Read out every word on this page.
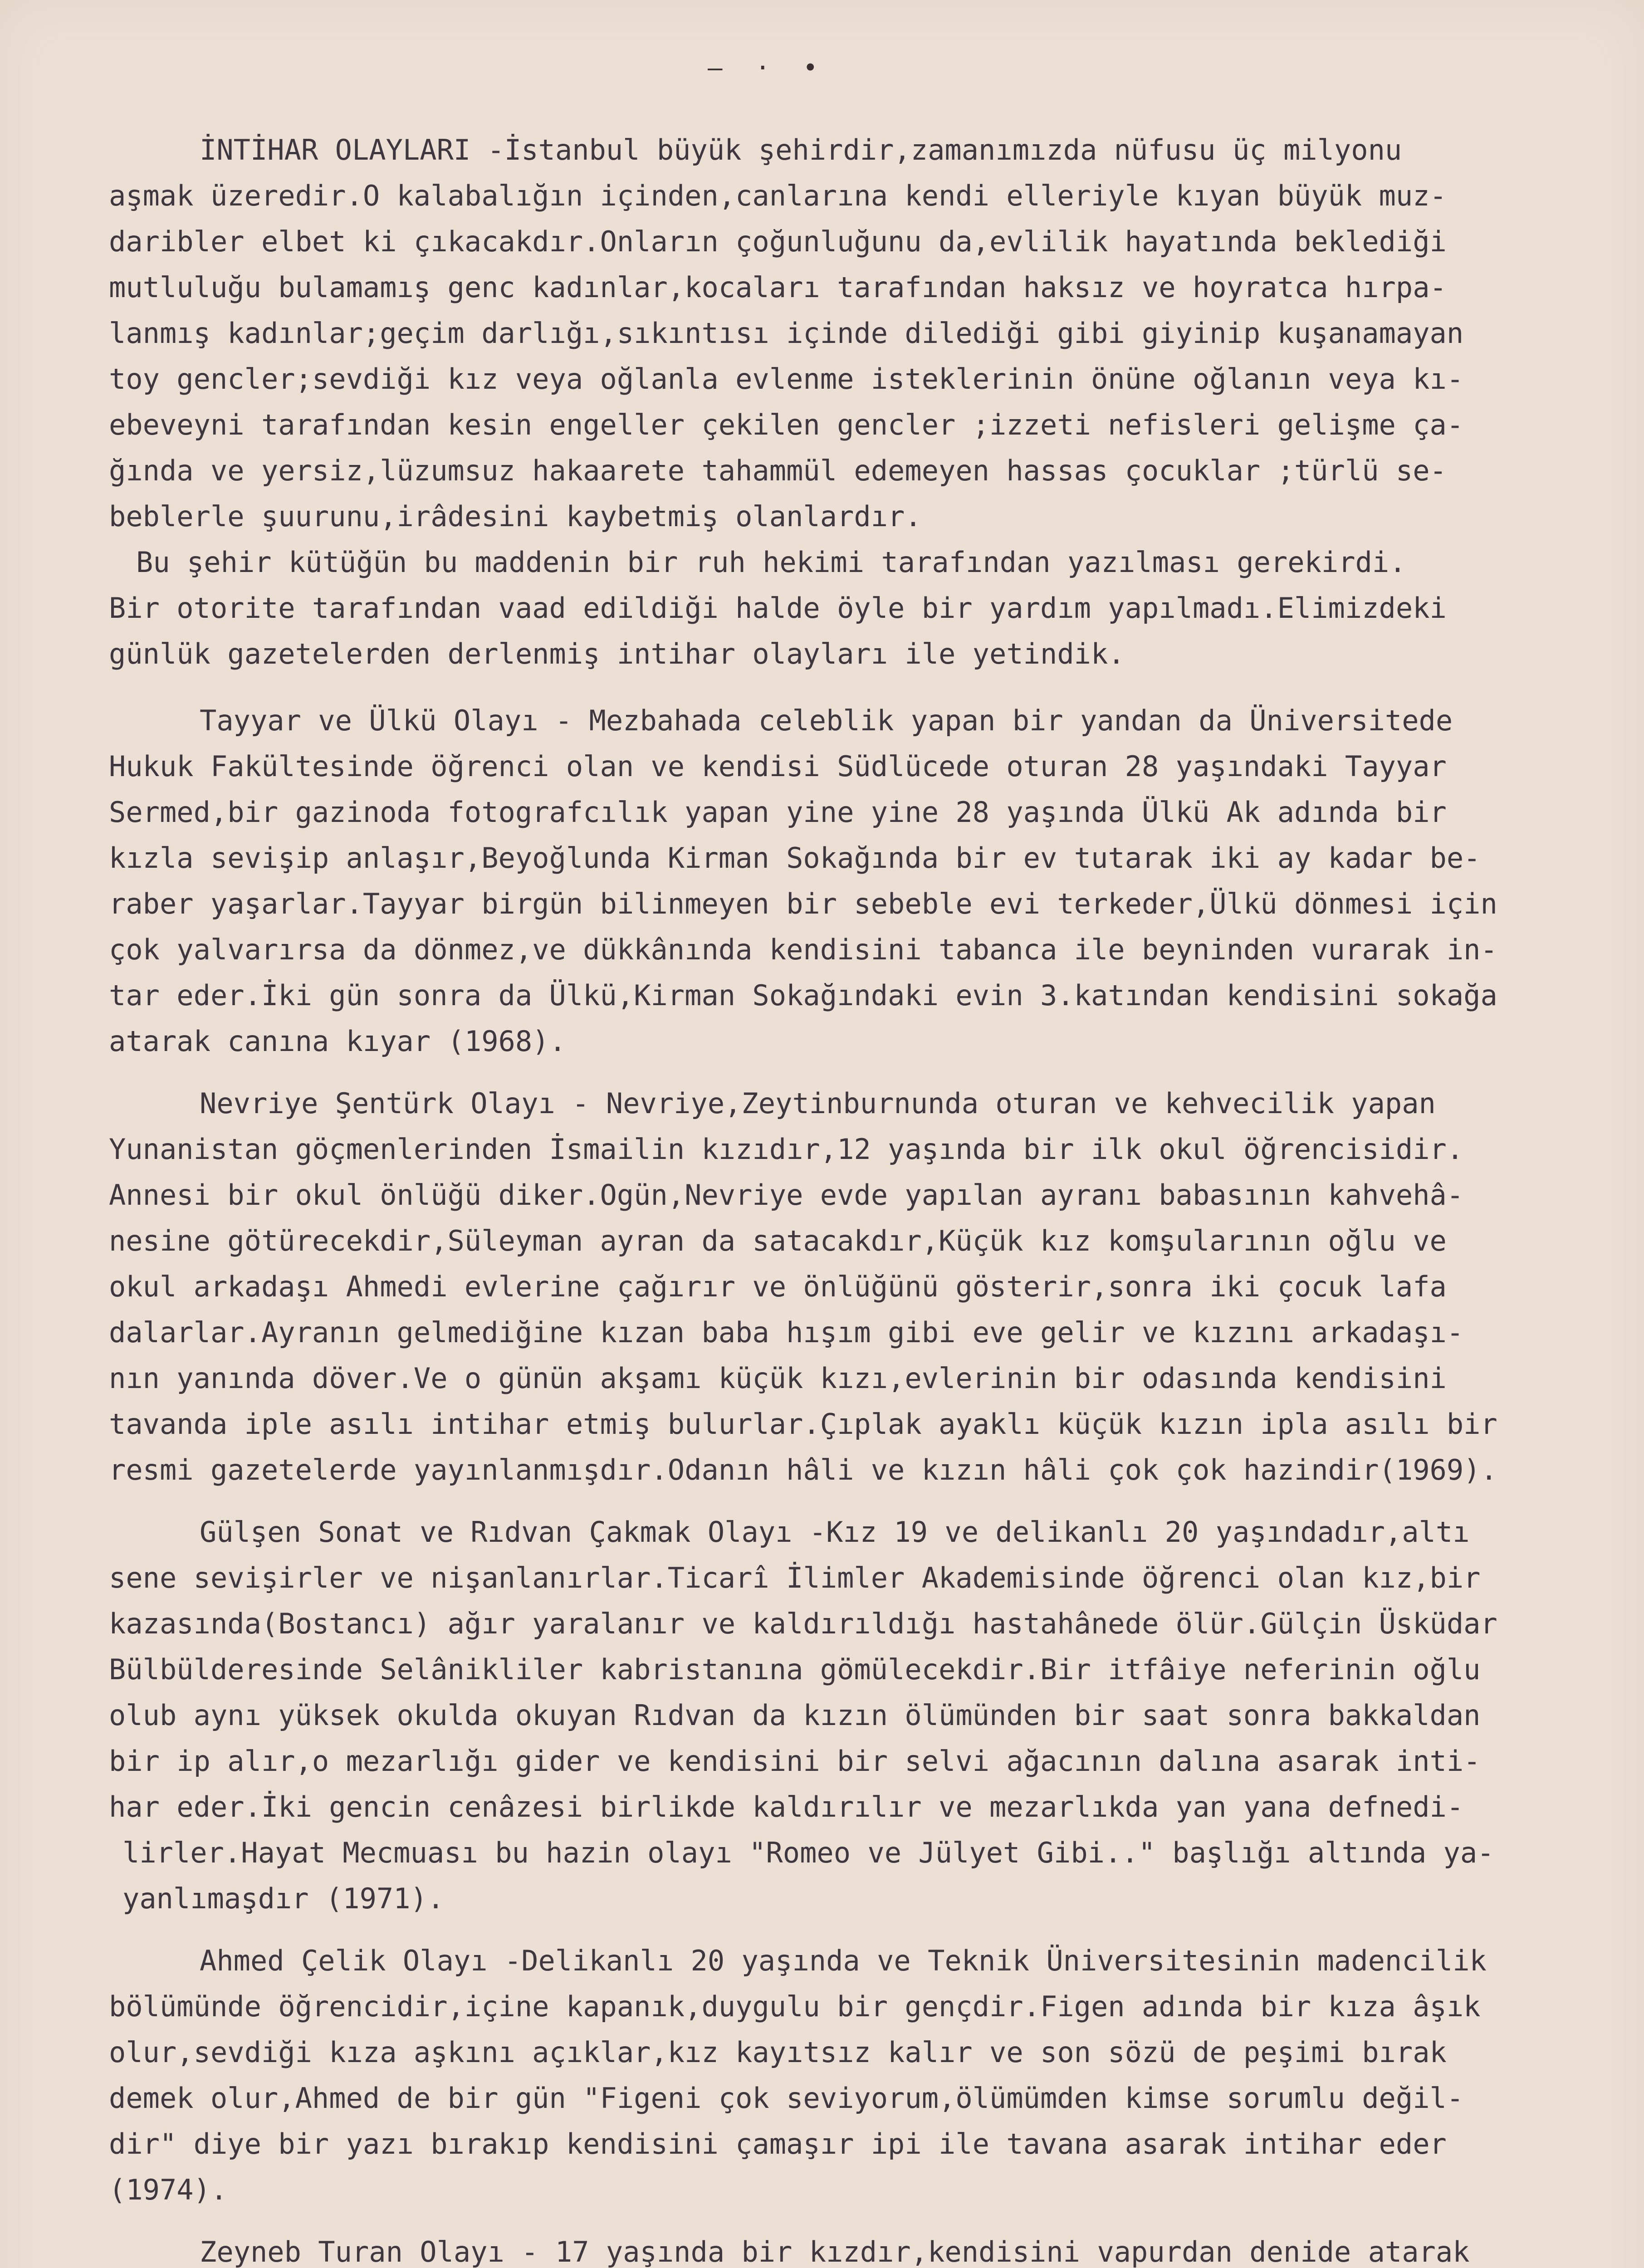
— · •
İNTİHAR OLAYLARI -İstanbul büyük şehirdir,zamanımızda nüfusu üç milyonu
aşmak üzeredir.O kalabalığın içinden,canlarına kendi elleriyle kıyan büyük muz-
daribler elbet ki çıkacakdır.Onların çoğunluğunu da,evlilik hayatında beklediği
mutluluğu bulamamış genc kadınlar,kocaları tarafından haksız ve hoyratca hırpa-
lanmış kadınlar;geçim darlığı,sıkıntısı içinde dilediği gibi giyinip kuşanamayan
toy gencler;sevdiği kız veya oğlanla evlenme isteklerinin önüne oğlanın veya kı-
ebeveyni tarafından kesin engeller çekilen gencler ;izzeti nefisleri gelişme ça-
ğında ve yersiz,lüzumsuz hakaarete tahammül edemeyen hassas çocuklar ;türlü se-
beblerle şuurunu,irâdesini kaybetmiş olanlardır.
Bu şehir kütüğün bu maddenin bir ruh hekimi tarafından yazılması gerekirdi.
Bir otorite tarafından vaad edildiği halde öyle bir yardım yapılmadı.Elimizdeki
günlük gazetelerden derlenmiş intihar olayları ile yetindik.
Tayyar ve Ülkü Olayı - Mezbahada celeblik yapan bir yandan da Üniversitede
Hukuk Fakültesinde öğrenci olan ve kendisi Südlücede oturan 28 yaşındaki Tayyar
Sermed,bir gazinoda fotografcılık yapan yine yine 28 yaşında Ülkü Ak adında bir
kızla sevişip anlaşır,Beyoğlunda Kirman Sokağında bir ev tutarak iki ay kadar be-
raber yaşarlar.Tayyar birgün bilinmeyen bir sebeble evi terkeder,Ülkü dönmesi için
çok yalvarırsa da dönmez,ve dükkânında kendisini tabanca ile beyninden vurarak in-
tar eder.İki gün sonra da Ülkü,Kirman Sokağındaki evin 3.katından kendisini sokağa
atarak canına kıyar (1968).
Nevriye Şentürk Olayı - Nevriye,Zeytinburnunda oturan ve kehvecilik yapan
Yunanistan göçmenlerinden İsmailin kızıdır,12 yaşında bir ilk okul öğrencisidir.
Annesi bir okul önlüğü diker.Ogün,Nevriye evde yapılan ayranı babasının kahvehâ-
nesine götürecekdir,Süleyman ayran da satacakdır,Küçük kız komşularının oğlu ve
okul arkadaşı Ahmedi evlerine çağırır ve önlüğünü gösterir,sonra iki çocuk lafa
dalarlar.Ayranın gelmediğine kızan baba hışım gibi eve gelir ve kızını arkadaşı-
nın yanında döver.Ve o günün akşamı küçük kızı,evlerinin bir odasında kendisini
tavanda iple asılı intihar etmiş bulurlar.Çıplak ayaklı küçük kızın ipla asılı bir
resmi gazetelerde yayınlanmışdır.Odanın hâli ve kızın hâli çok çok hazindir(1969).
Gülşen Sonat ve Rıdvan Çakmak Olayı -Kız 19 ve delikanlı 20 yaşındadır,altı
sene sevişirler ve nişanlanırlar.Ticarî İlimler Akademisinde öğrenci olan kız,bir
kazasında(Bostancı) ağır yaralanır ve kaldırıldığı hastahânede ölür.Gülçin Üsküdar
Bülbülderesinde Selânikliler kabristanına gömülecekdir.Bir itfâiye neferinin oğlu
olub aynı yüksek okulda okuyan Rıdvan da kızın ölümünden bir saat sonra bakkaldan
bir ip alır,o mezarlığı gider ve kendisini bir selvi ağacının dalına asarak inti-
har eder.İki gencin cenâzesi birlikde kaldırılır ve mezarlıkda yan yana defnedi-
lirler.Hayat Mecmuası bu hazin olayı "Romeo ve Jülyet Gibi.." başlığı altında ya-
yanlımaşdır (1971).
Ahmed Çelik Olayı -Delikanlı 20 yaşında ve Teknik Üniversitesinin madencilik
bölümünde öğrencidir,içine kapanık,duygulu bir gençdir.Figen adında bir kıza âşık
olur,sevdiği kıza aşkını açıklar,kız kayıtsız kalır ve son sözü de peşimi bırak
demek olur,Ahmed de bir gün "Figeni çok seviyorum,ölümümden kimse sorumlu değil-
dir" diye bir yazı bırakıp kendisini çamaşır ipi ile tavana asarak intihar eder
(1974).
Zeyneb Turan Olayı - 17 yaşında bir kızdır,kendisini vapurdan denide atarak
